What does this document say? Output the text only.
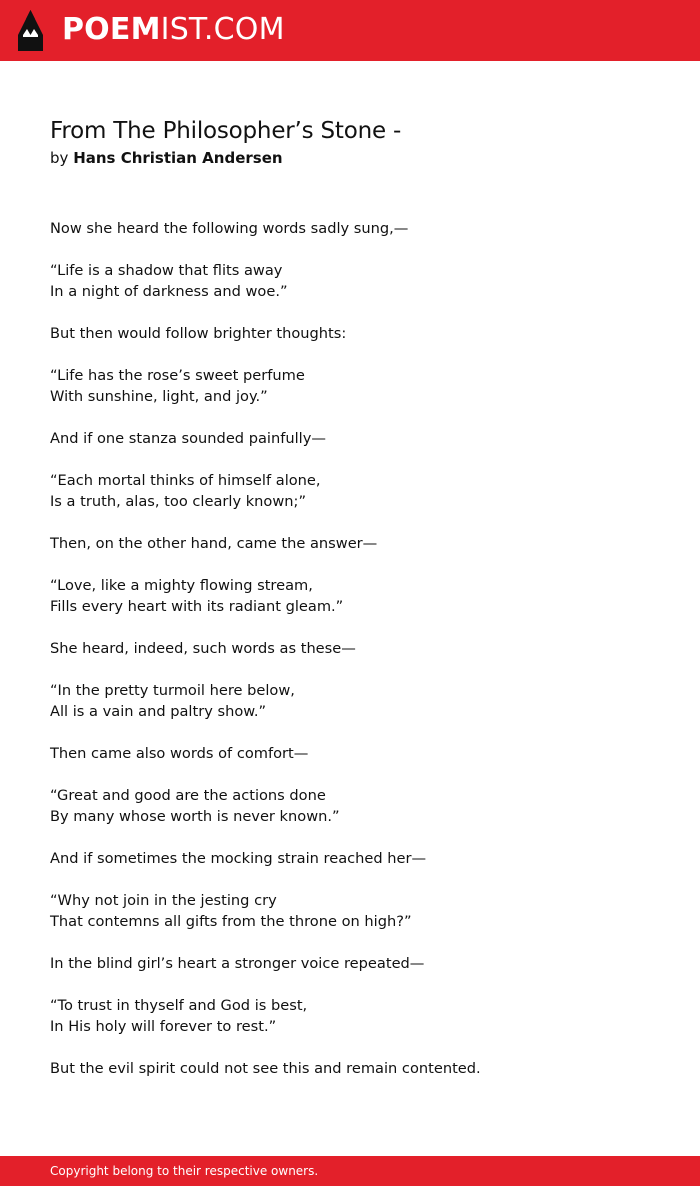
POEM IST.COM
From The Philosopher’s Stone -
by Hans Christian Andersen

Now she heard the following words sadly sung,—

“Life is a shadow that flits away
In a night of darkness and woe.”

But then would follow brighter thoughts:

“Life has the rose’s sweet perfume
With sunshine, light, and joy.”

And if one stanza sounded painfully—

“Each mortal thinks of himself alone,
Is a truth, alas, too clearly known;”

Then, on the other hand, came the answer—

“Love, like a mighty flowing stream,
Fills every heart with its radiant gleam.”

She heard, indeed, such words as these—

“In the pretty turmoil here below,
All is a vain and paltry show.”

Then came also words of comfort—

“Great and good are the actions done
By many whose worth is never known.”

And if sometimes the mocking strain reached her—

“Why not join in the jesting cry
That contemns all gifts from the throne on high?”

In the blind girl’s heart a stronger voice repeated—

“To trust in thyself and God is best,
In His holy will forever to rest.”

But the evil spirit could not see this and remain contented.

Copyright belong to their respective owners.
